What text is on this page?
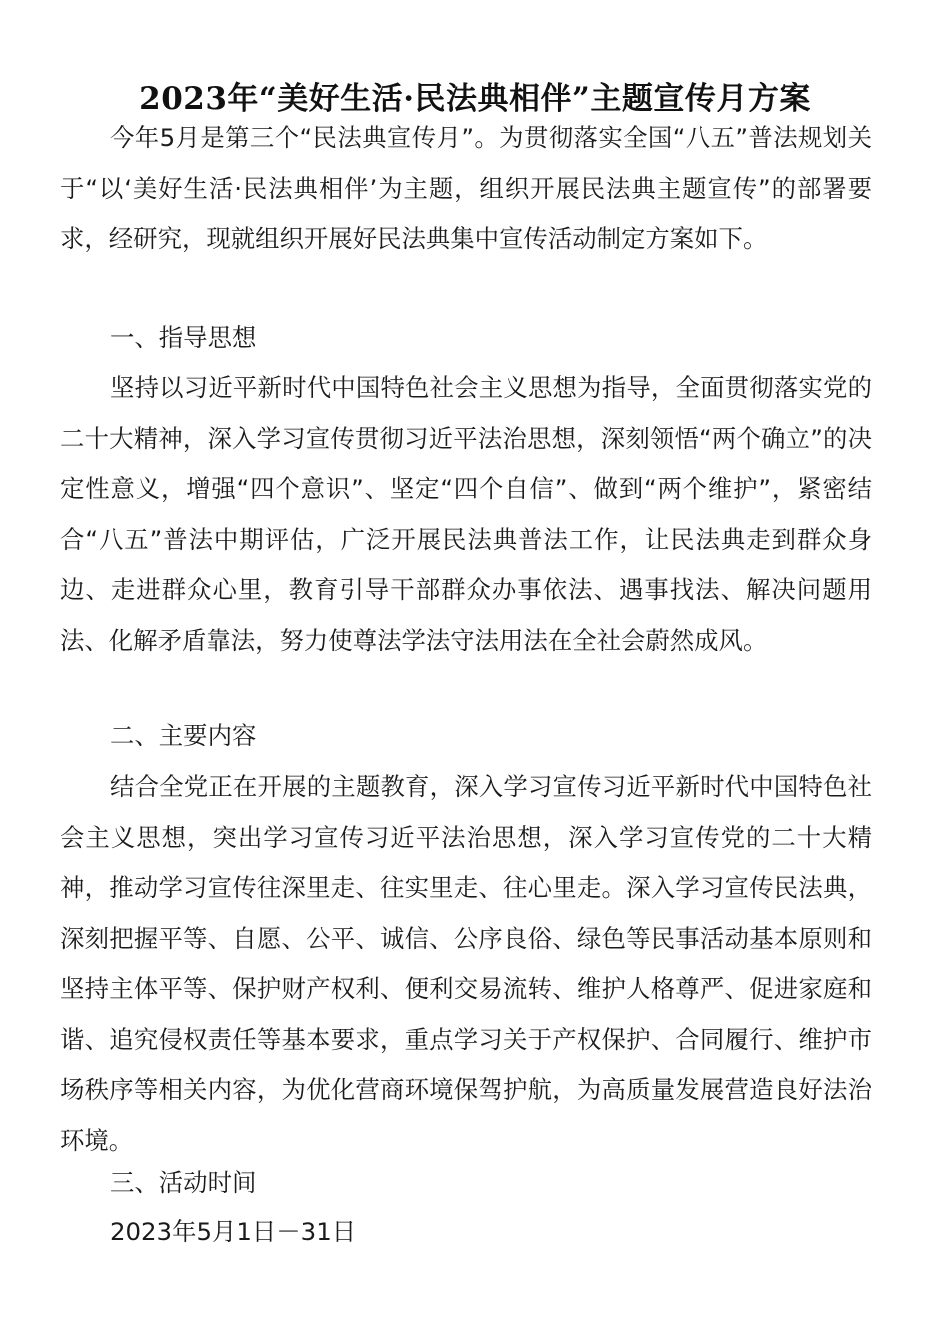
2023年“美好生活·民法典相伴”主题宣传月方案

今年5月是第三个“民法典宣传月”。为贯彻落实全国“八五”普法规划关于“以‘美好生活·民法典相伴’为主题，组织开展民法典主题宣传”的部署要求，经研究，现就组织开展好民法典集中宣传活动制定方案如下。

一、指导思想

坚持以习近平新时代中国特色社会主义思想为指导，全面贯彻落实党的二十大精神，深入学习宣传贯彻习近平法治思想，深刻领悟“两个确立”的决定性意义，增强“四个意识”、坚定“四个自信”、做到“两个维护”，紧密结合“八五”普法中期评估，广泛开展民法典普法工作，让民法典走到群众身边、走进群众心里，教育引导干部群众办事依法、遇事找法、解决问题用法、化解矛盾靠法，努力使尊法学法守法用法在全社会蔚然成风。

二、主要内容

结合全党正在开展的主题教育，深入学习宣传习近平新时代中国特色社会主义思想，突出学习宣传习近平法治思想，深入学习宣传党的二十大精神，推动学习宣传往深里走、往实里走、往心里走。深入学习宣传民法典，深刻把握平等、自愿、公平、诚信、公序良俗、绿色等民事活动基本原则和坚持主体平等、保护财产权利、便利交易流转、维护人格尊严、促进家庭和谐、追究侵权责任等基本要求，重点学习关于产权保护、合同履行、维护市场秩序等相关内容，为优化营商环境保驾护航，为高质量发展营造良好法治环境。

三、活动时间

2023年5月1日－31日
